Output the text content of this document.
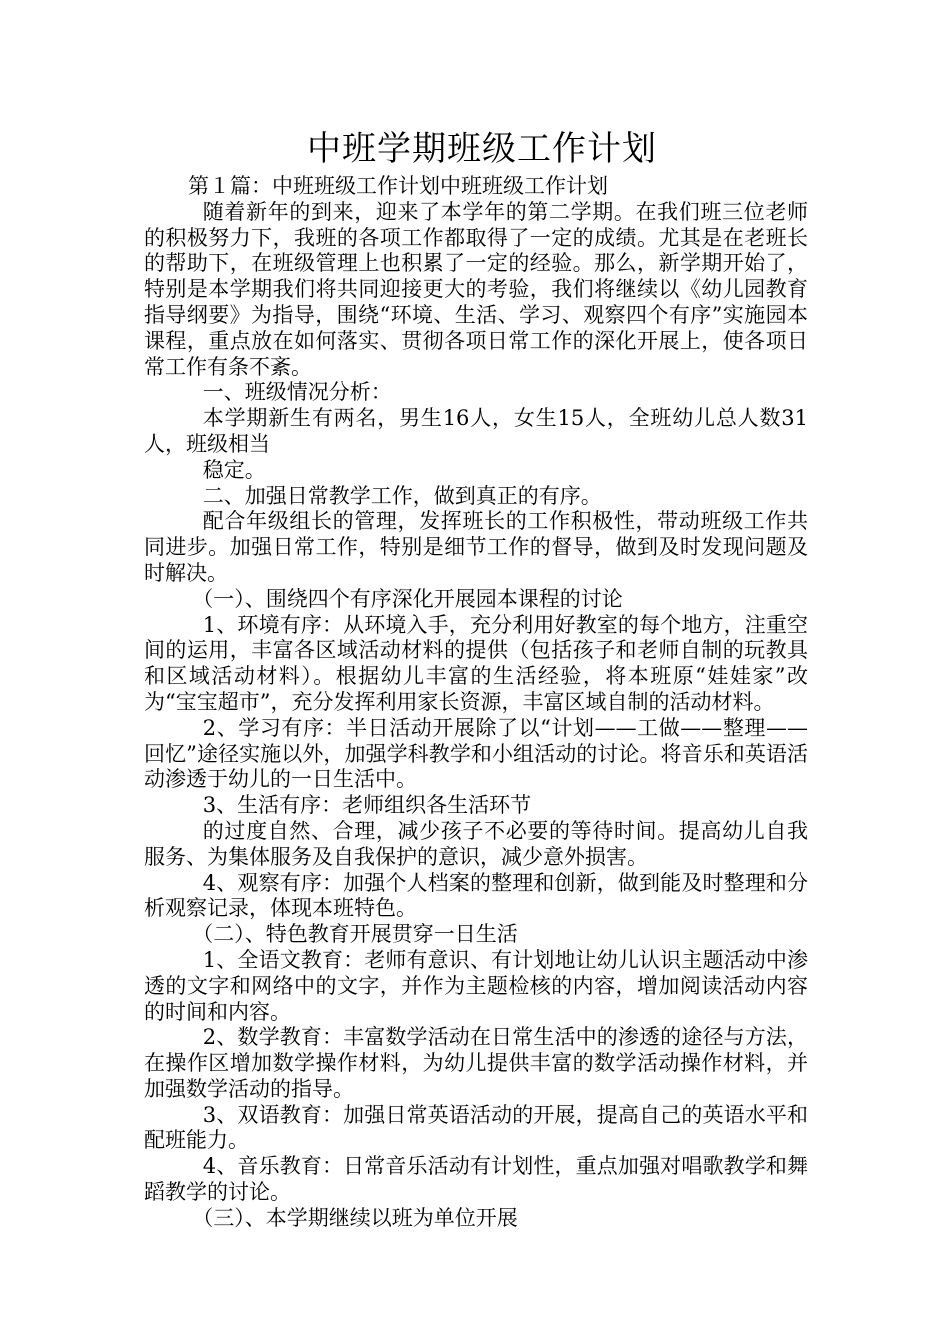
中班学期班级工作计划

第１篇：中班班级工作计划中班班级工作计划

随着新年的到来，迎来了本学年的第二学期。在我们班三位老师的积极努力下，我班的各项工作都取得了一定的成绩。尤其是在老班长的帮助下，在班级管理上也积累了一定的经验。那么，新学期开始了，特别是本学期我们将共同迎接更大的考验，我们将继续以《幼儿园教育指导纲要》为指导，围绕“环境、生活、学习、观察四个有序”实施园本课程，重点放在如何落实、贯彻各项日常工作的深化开展上，使各项日常工作有条不紊。

一、班级情况分析：

本学期新生有两名，男生16人，女生15人，全班幼儿总人数31人，班级相当

稳定。

二、加强日常教学工作，做到真正的有序。

配合年级组长的管理，发挥班长的工作积极性，带动班级工作共同进步。加强日常工作，特别是细节工作的督导，做到及时发现问题及时解决。

（一）、围绕四个有序深化开展园本课程的讨论

1、环境有序：从环境入手，充分利用好教室的每个地方，注重空间的运用，丰富各区域活动材料的提供（包括孩子和老师自制的玩教具和区域活动材料）。根据幼儿丰富的生活经验，将本班原“娃娃家”改为“宝宝超市”，充分发挥利用家长资源，丰富区域自制的活动材料。

2、学习有序：半日活动开展除了以“计划——工做——整理——回忆”途径实施以外，加强学科教学和小组活动的讨论。将音乐和英语活动渗透于幼儿的一日生活中。

3、生活有序：老师组织各生活环节

的过度自然、合理，减少孩子不必要的等待时间。提高幼儿自我服务、为集体服务及自我保护的意识，减少意外损害。

4、观察有序：加强个人档案的整理和创新，做到能及时整理和分析观察记录，体现本班特色。

（二）、特色教育开展贯穿一日生活

1、全语文教育：老师有意识、有计划地让幼儿认识主题活动中渗透的文字和网络中的文字，并作为主题检核的内容，增加阅读活动内容的时间和内容。

2、数学教育：丰富数学活动在日常生活中的渗透的途径与方法，在操作区增加数学操作材料，为幼儿提供丰富的数学活动操作材料，并加强数学活动的指导。

3、双语教育：加强日常英语活动的开展，提高自己的英语水平和配班能力。

4、音乐教育：日常音乐活动有计划性，重点加强对唱歌教学和舞蹈教学的讨论。

（三）、本学期继续以班为单位开展
